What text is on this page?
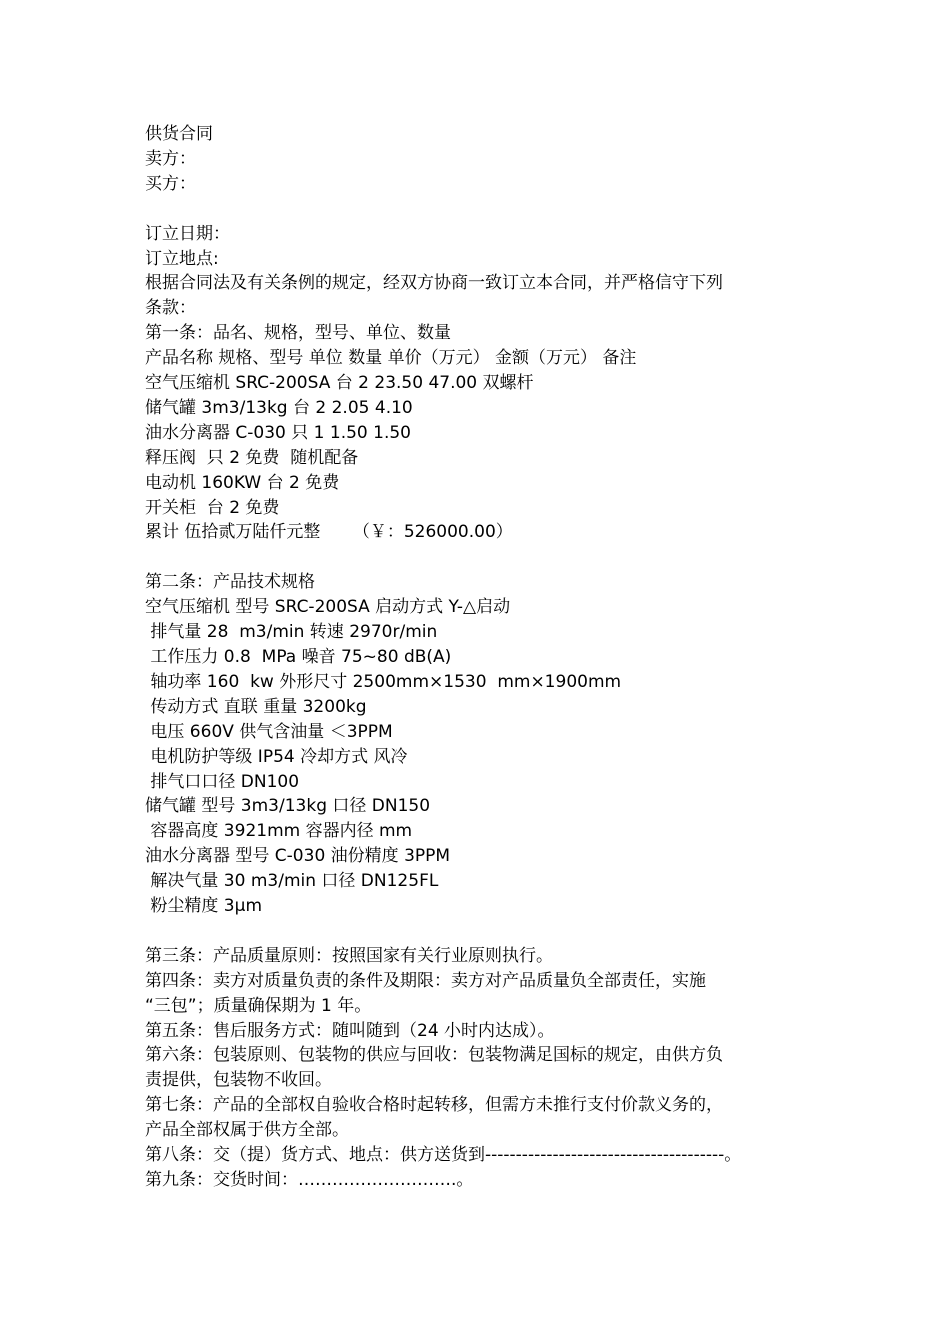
供货合同
卖方：
买方：
订立日期：
订立地点:
根据合同法及有关条例的规定，经双方协商一致订立本合同，并严格信守下列
条款：
第一条：品名、规格，型号、单位、数量
产品名称 规格、型号 单位 数量 单价（万元） 金额（万元） 备注
空气压缩机 SRC-200SA 台 2 23.50 47.00 双螺杆
储气罐 3m3/13kg 台 2 2.05 4.10
油水分离器 C-030 只 1 1.50 1.50
释压阀  只 2 免费  随机配备
电动机 160KW 台 2 免费
开关柜  台 2 免费
累计 伍拾贰万陆仟元整      （￥：526000.00）
第二条：产品技术规格
空气压缩机 型号 SRC-200SA 启动方式 Y-△启动
排气量 28  m3/min 转速 2970r/min
工作压力 0.8  MPa 噪音 75~80 dB(A)
轴功率 160  kw 外形尺寸 2500mm×1530  mm×1900mm
传动方式 直联 重量 3200kg
电压 660V 供气含油量 ＜3PPM
电机防护等级 IP54 冷却方式 风冷
排气口口径 DN100
储气罐 型号 3m3/13kg 口径 DN150
容器高度 3921mm 容器内径 mm
油水分离器 型号 C-030 油份精度 3PPM
解决气量 30 m3/min 口径 DN125FL
粉尘精度 3μm
第三条：产品质量原则：按照国家有关行业原则执行。
第四条：卖方对质量负责的条件及期限：卖方对产品质量负全部责任，实施
“三包”；质量确保期为 1 年。
第五条：售后服务方式：随叫随到（24 小时内达成）。
第六条：包装原则、包装物的供应与回收：包装物满足国标的规定，由供方负
责提供，包装物不收回。
第七条：产品的全部权自验收合格时起转移，但需方未推行支付价款义务的，
产品全部权属于供方全部。
第八条：交（提）货方式、地点：供方送货到---------------------------------------。
第九条：交货时间：……………………….。
